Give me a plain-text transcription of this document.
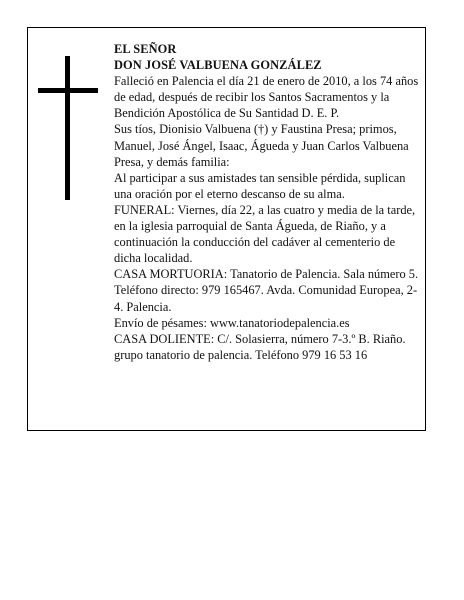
EL SEÑOR

DON JOSÉ VALBUENA GONZÁLEZ

Falleció en Palencia el día 21 de enero de 2010, a los 74 años de edad, después de recibir los Santos Sacramentos y la Bendición Apostólica de Su Santidad D. E. P.

Sus tíos, Dionisio Valbuena (†) y Faustina Presa; primos, Manuel, José Ángel, Isaac, Águeda y Juan Carlos Valbuena Presa, y demás familia:

Al participar a sus amistades tan sensible pérdida, suplican una oración por el eterno descanso de su alma.

FUNERAL: Viernes, día 22, a las cuatro y media de la tarde, en la iglesia parroquial de Santa Águeda, de Riaño, y a continuación la conducción del cadáver al cementerio de dicha localidad.

CASA MORTUORIA: Tanatorio de Palencia. Sala número 5. Teléfono directo: 979 165467. Avda. Comunidad Europea, 2-4. Palencia.

Envío de pésames: www.tanatoriodepalencia.es

CASA DOLIENTE: C/. Solasierra, número 7-3.º B. Riaño.

grupo tanatorio de palencia. Teléfono 979 16 53 16
